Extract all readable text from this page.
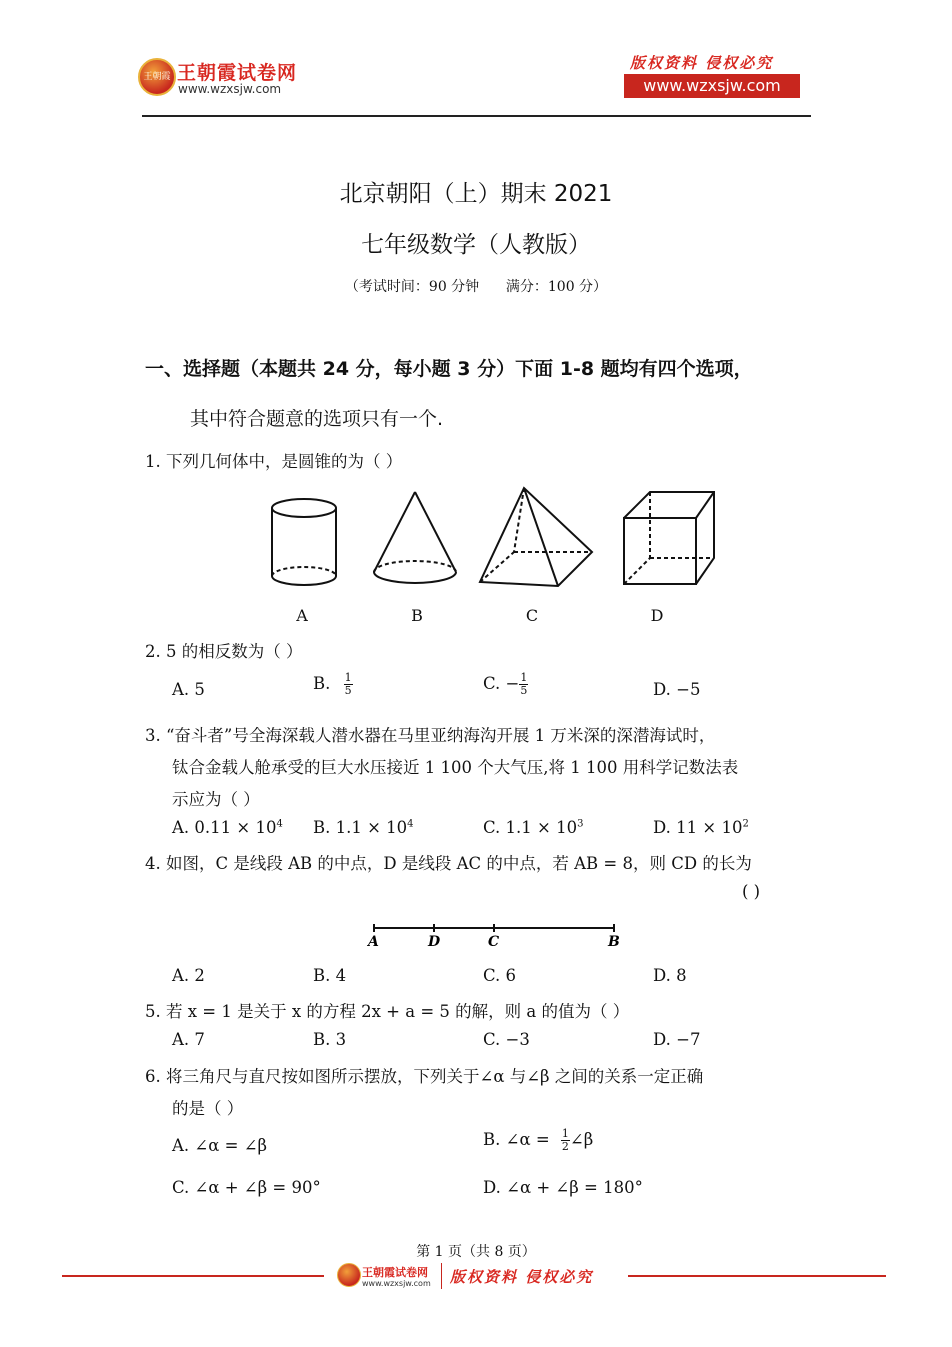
王朝霞 王朝霞试卷网
www.wzxsjw.com
版权资料 侵权必究
www.wzxsjw.com
北京朝阳（上）期末 2021
七年级数学（人教版）
（考试时间：90 分钟      满分：100 分）
一、选择题（本题共 24 分，每小题 3 分）下面 1-8 题均有四个选项，
其中符合题意的选项只有一个.
1. 下列几何体中，是圆锥的为（ ）
A	B	C	D
2. 5 的相反数为（ ）
A. 5	B. $\frac{1}{5}$	C. − $\frac{1}{5}$	D. −5
3. “奋斗者”号全海深载人潜水器在马里亚纳海沟开展 1 万米深的深潜海试时，
钛合金载人舱承受的巨大水压接近 1 100 个大气压,将 1 100 用科学记数法表
示应为（ ）
A. $0.11 \times 10^4$ B. $1.1 \times 10^4$	C. $1.1 \times 10^3$	D. $11 \times 10^2$
4. 如图，C 是线段 AB 的中点，D 是线段 AC 的中点，若 AB = 8，则 CD 的长为
( )
A	D	C	B
A. 2	B. 4	C. 6	D. 8
5. 若 x = 1 是关于 x 的方程 2x + a = 5 的解，则 a 的值为（ ）
A. 7	B. 3	C. −3	D. −7
6. 将三角尺与直尺按如图所示摆放，下列关于∠α 与∠β 之间的关系一定正确
的是（ ）
A. ∠α = ∠β	B. ∠α = $\frac{1}{2}$ ∠β
C. ∠α + ∠β = 90°	D. ∠α + ∠β = 180°
第 1 页（共 8 页）
王朝霞试卷网
www.wzxsjw.com 版权资料 侵权必究
